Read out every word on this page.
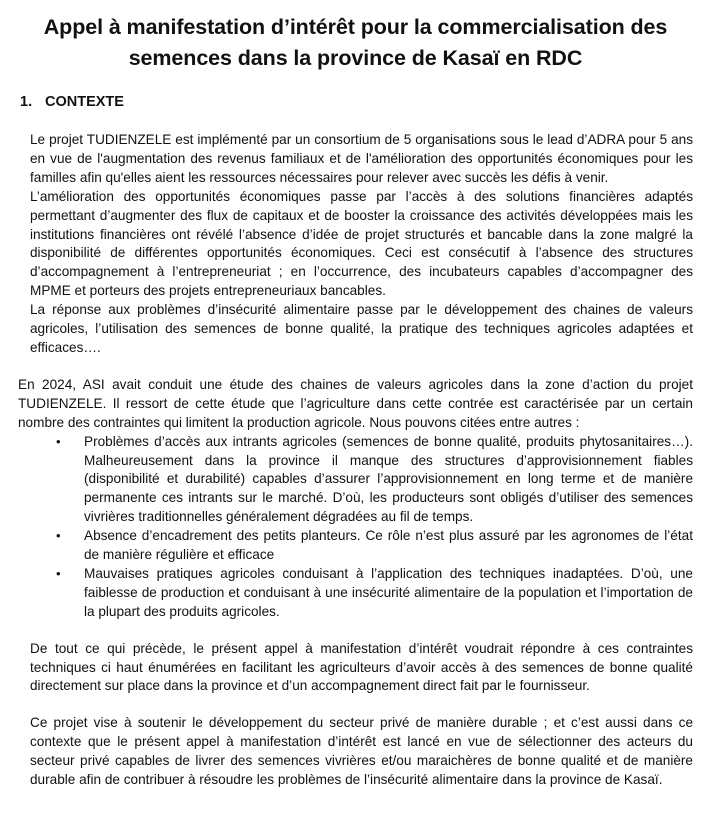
Appel à manifestation d’intérêt pour la commercialisation des semences dans la province de Kasaï en RDC
1. CONTEXTE

Le projet TUDIENZELE est implémenté par un consortium de 5 organisations sous le lead d’ADRA pour 5 ans en vue de l'augmentation des revenus familiaux et de l'amélioration des opportunités économiques pour les familles afin qu'elles aient les ressources nécessaires pour relever avec succès les défis à venir.

L’amélioration des opportunités économiques passe par l’accès à des solutions financières adaptés permettant d’augmenter des flux de capitaux et de booster la croissance des activités développées mais les institutions financières ont révélé l’absence d’idée de projet structurés et bancable dans la zone malgré la disponibilité de différentes opportunités économiques. Ceci est consécutif à l’absence des structures d’accompagnement à l’entrepreneuriat ; en l’occurrence, des incubateurs capables d’accompagner des MPME et porteurs des projets entrepreneuriaux bancables.

La réponse aux problèmes d’insécurité alimentaire passe par le développement des chaines de valeurs agricoles, l’utilisation des semences de bonne qualité, la pratique des techniques agricoles adaptées et efficaces….

En 2024, ASI avait conduit une étude des chaines de valeurs agricoles dans la zone d’action du projet TUDIENZELE. Il ressort de cette étude que l’agriculture dans cette contrée est caractérisée par un certain nombre des contraintes qui limitent la production agricole. Nous pouvons citées entre autres :

• Problèmes d’accès aux intrants agricoles (semences de bonne qualité, produits phytosanitaires…). Malheureusement dans la province il manque des structures d’approvisionnement fiables (disponibilité et durabilité) capables d’assurer l’approvisionnement en long terme et de manière permanente ces intrants sur le marché. D’où, les producteurs sont obligés d’utiliser des semences vivrières traditionnelles généralement dégradées au fil de temps.
• Absence d’encadrement des petits planteurs. Ce rôle n’est plus assuré par les agronomes de l’état de manière régulière et efficace
• Mauvaises pratiques agricoles conduisant à l’application des techniques inadaptées. D’où, une faiblesse de production et conduisant à une insécurité alimentaire de la population et l’importation de la plupart des produits agricoles.

De tout ce qui précède, le présent appel à manifestation d’intérêt voudrait répondre à ces contraintes techniques ci haut énumérées en facilitant les agriculteurs d’avoir accès à des semences de bonne qualité directement sur place dans la province et d’un accompagnement direct fait par le fournisseur.

Ce projet vise à soutenir le développement du secteur privé de manière durable ; et c’est aussi dans ce contexte que le présent appel à manifestation d’intérêt est lancé en vue de sélectionner des acteurs du secteur privé capables de livrer des semences vivrières et/ou maraichères de bonne qualité et de manière durable afin de contribuer à résoudre les problèmes de l’insécurité alimentaire dans la province de Kasaï.
